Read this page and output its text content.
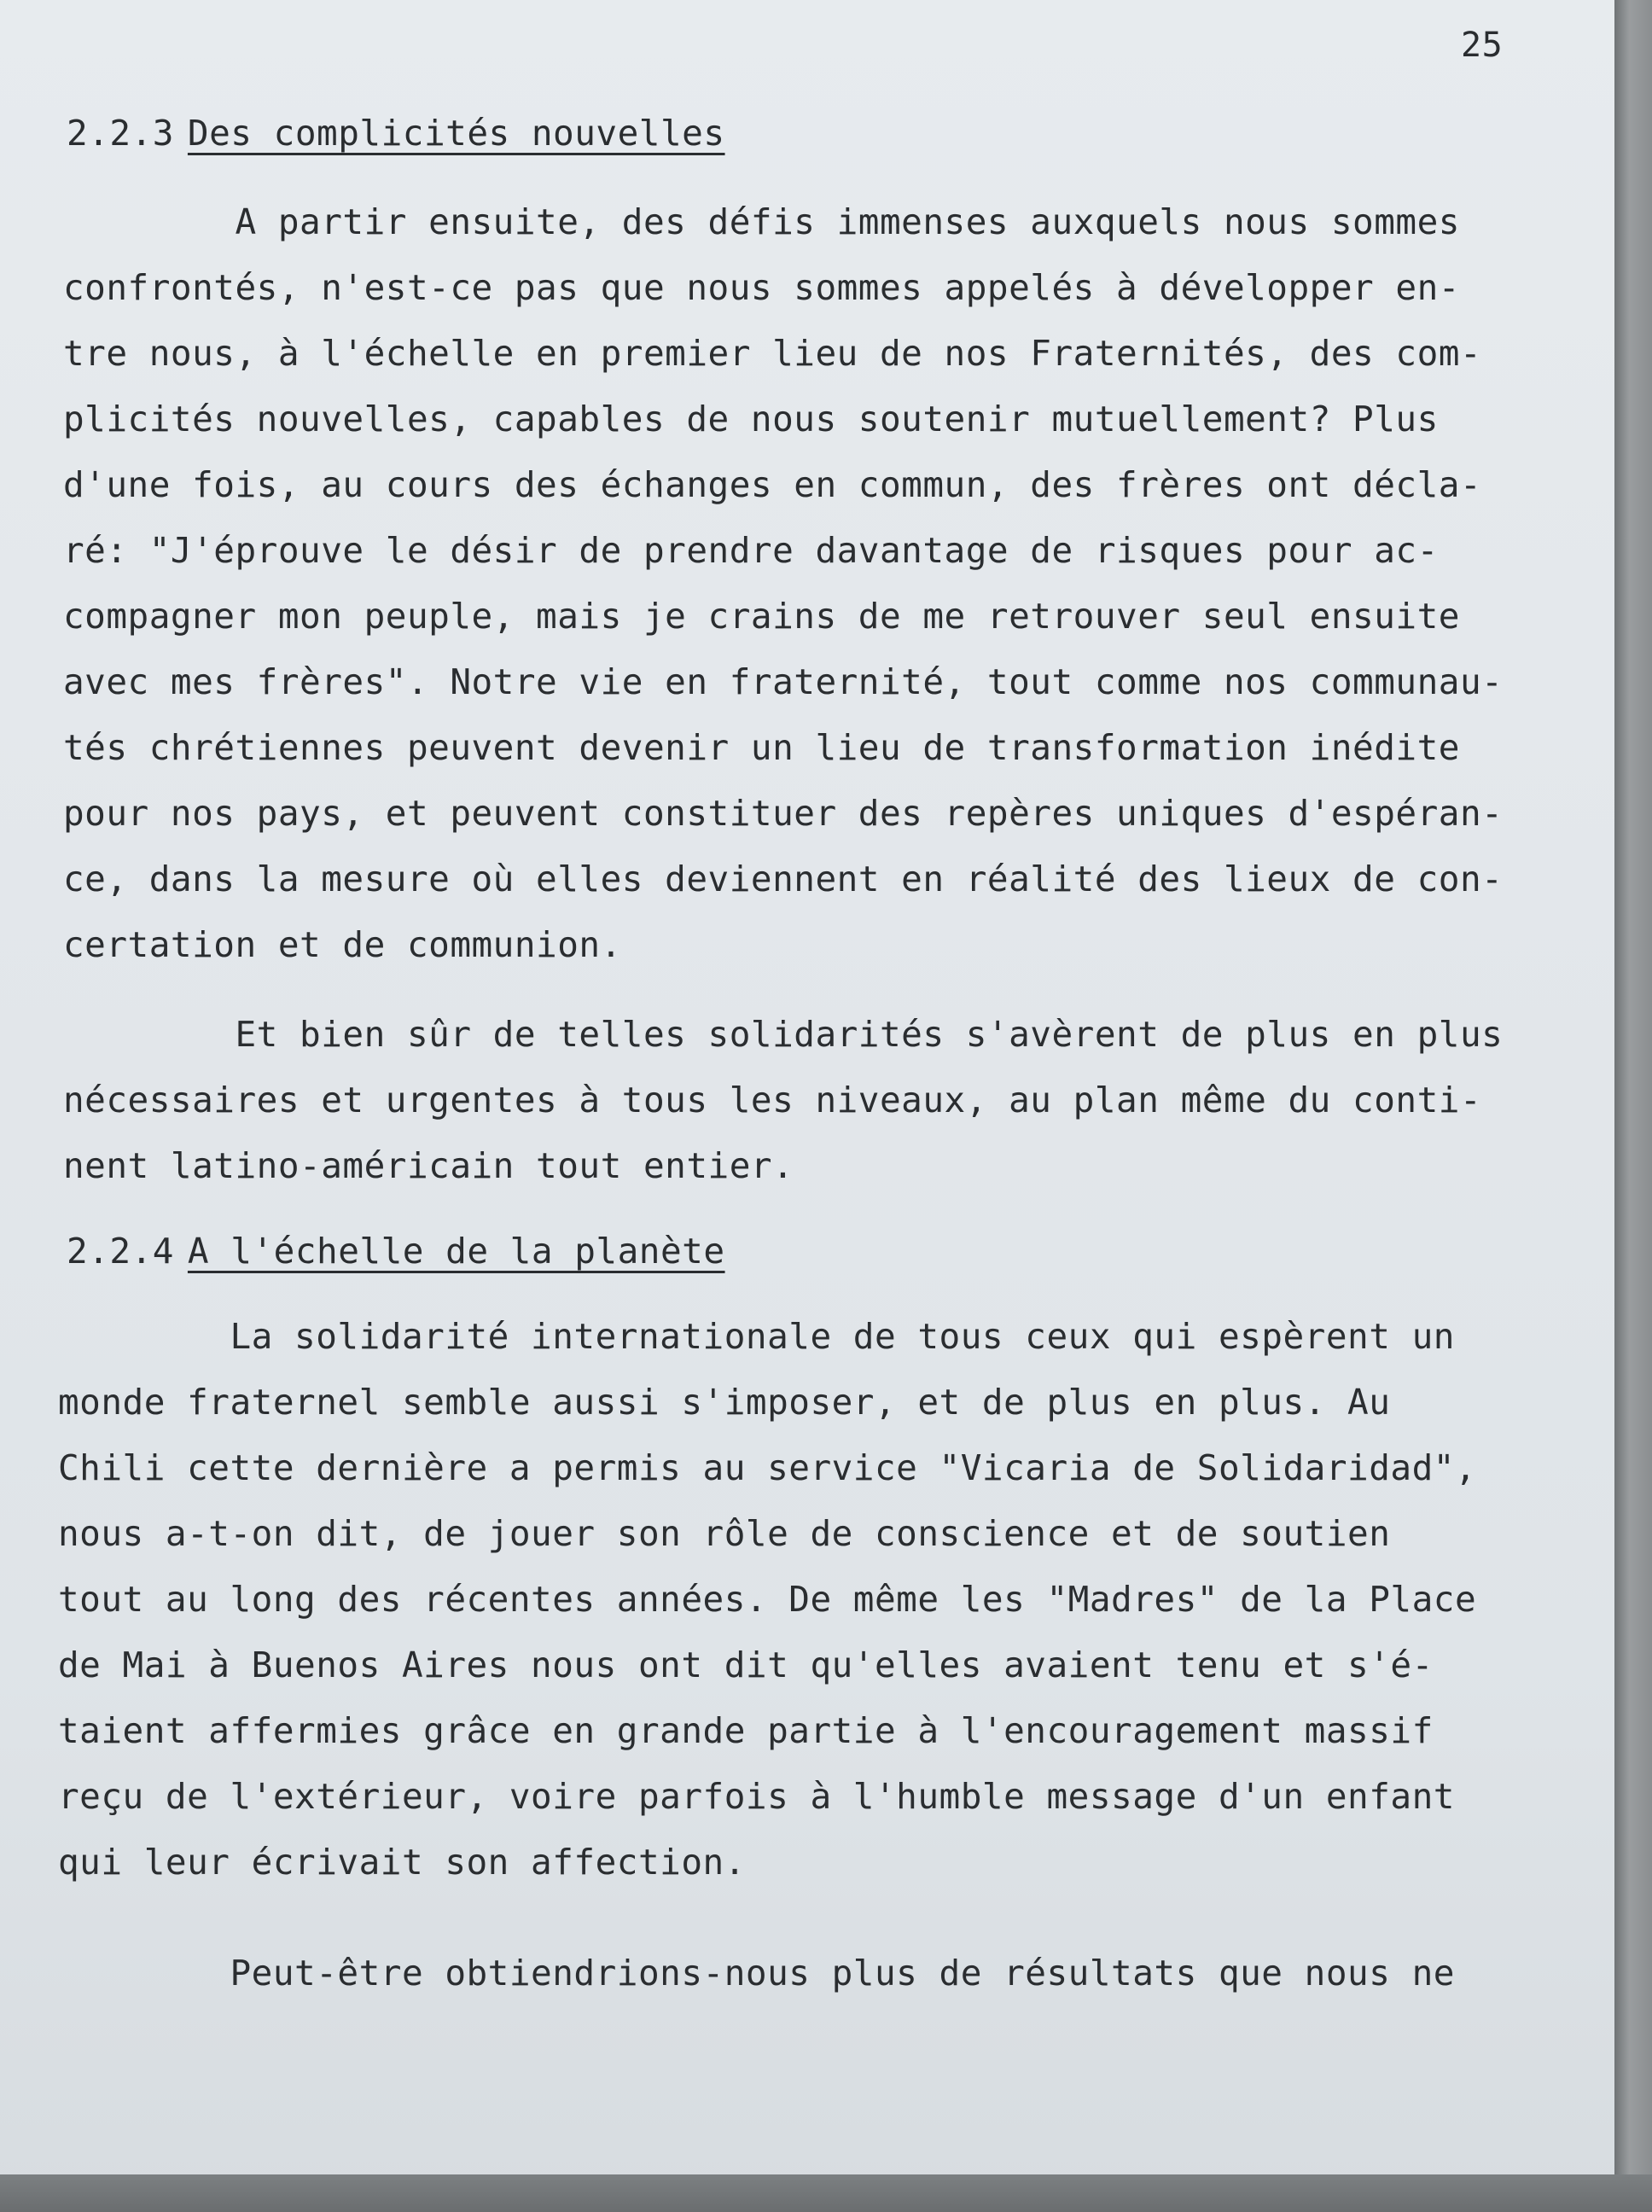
25
2.2.3 Des complicités nouvelles
A partir ensuite, des défis immenses auxquels nous sommes
confrontés, n'est-ce pas que nous sommes appelés à développer en-
tre nous, à l'échelle en premier lieu de nos Fraternités, des com-
plicités nouvelles, capables de nous soutenir mutuellement? Plus
d'une fois, au cours des échanges en commun, des frères ont décla-
ré: "J'éprouve le désir de prendre davantage de risques pour ac-
compagner mon peuple, mais je crains de me retrouver seul ensuite
avec mes frères". Notre vie en fraternité, tout comme nos communau-
tés chrétiennes peuvent devenir un lieu de transformation inédite
pour nos pays, et peuvent constituer des repères uniques d'espéran-
ce, dans la mesure où elles deviennent en réalité des lieux de con-
certation et de communion.
Et bien sûr de telles solidarités s'avèrent de plus en plus
nécessaires et urgentes à tous les niveaux, au plan même du conti-
nent latino-américain tout entier.
2.2.4 A l'échelle de la planète
La solidarité internationale de tous ceux qui espèrent un
monde fraternel semble aussi s'imposer, et de plus en plus. Au
Chili cette dernière a permis au service "Vicaria de Solidaridad",
nous a-t-on dit, de jouer son rôle de conscience et de soutien
tout au long des récentes années. De même les "Madres" de la Place
de Mai à Buenos Aires nous ont dit qu'elles avaient tenu et s'é-
taient affermies grâce en grande partie à l'encouragement massif
reçu de l'extérieur, voire parfois à l'humble message d'un enfant
qui leur écrivait son affection.
Peut-être obtiendrions-nous plus de résultats que nous ne
